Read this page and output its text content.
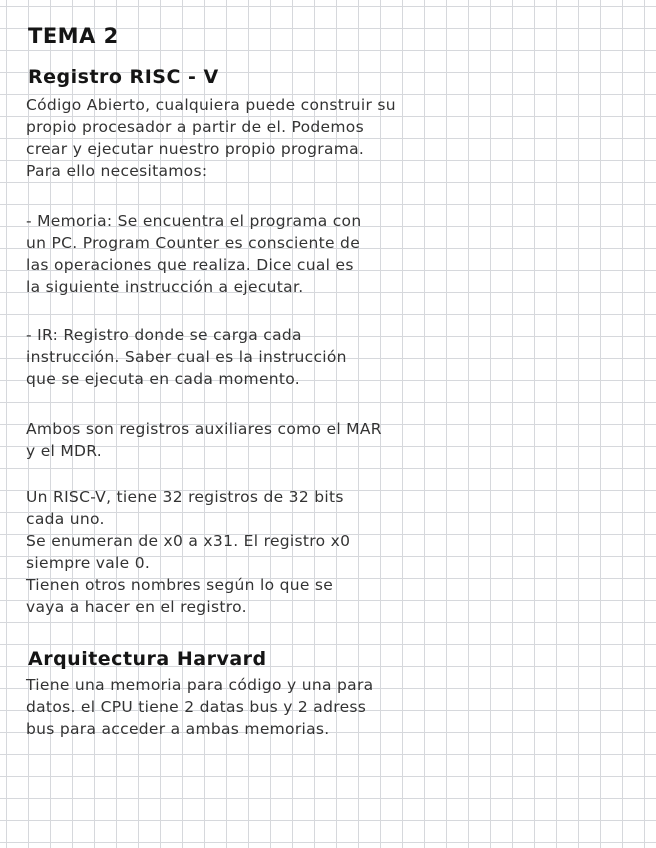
TEMA 2
Registro RISC - V
Código Abierto, cualquiera puede construir su
propio procesador a partir de el. Podemos
crear y ejecutar nuestro propio programa.
Para ello necesitamos:
- Memoria: Se encuentra el programa con
un PC. Program Counter es consciente de
las operaciones que realiza. Dice cual es
la siguiente instrucción a ejecutar.
- IR: Registro donde se carga cada
instrucción. Saber cual es la instrucción
que se ejecuta en cada momento.
Ambos son registros auxiliares como el MAR
y el MDR.
Un RISC-V, tiene 32 registros de 32 bits
cada uno.
Se enumeran de x0 a x31. El registro x0
siempre vale 0.
Tienen otros nombres según lo que se
vaya a hacer en el registro.
Arquitectura Harvard
Tiene una memoria para código y una para
datos. el CPU tiene 2 datas bus y 2 adress
bus para acceder a ambas memorias.
